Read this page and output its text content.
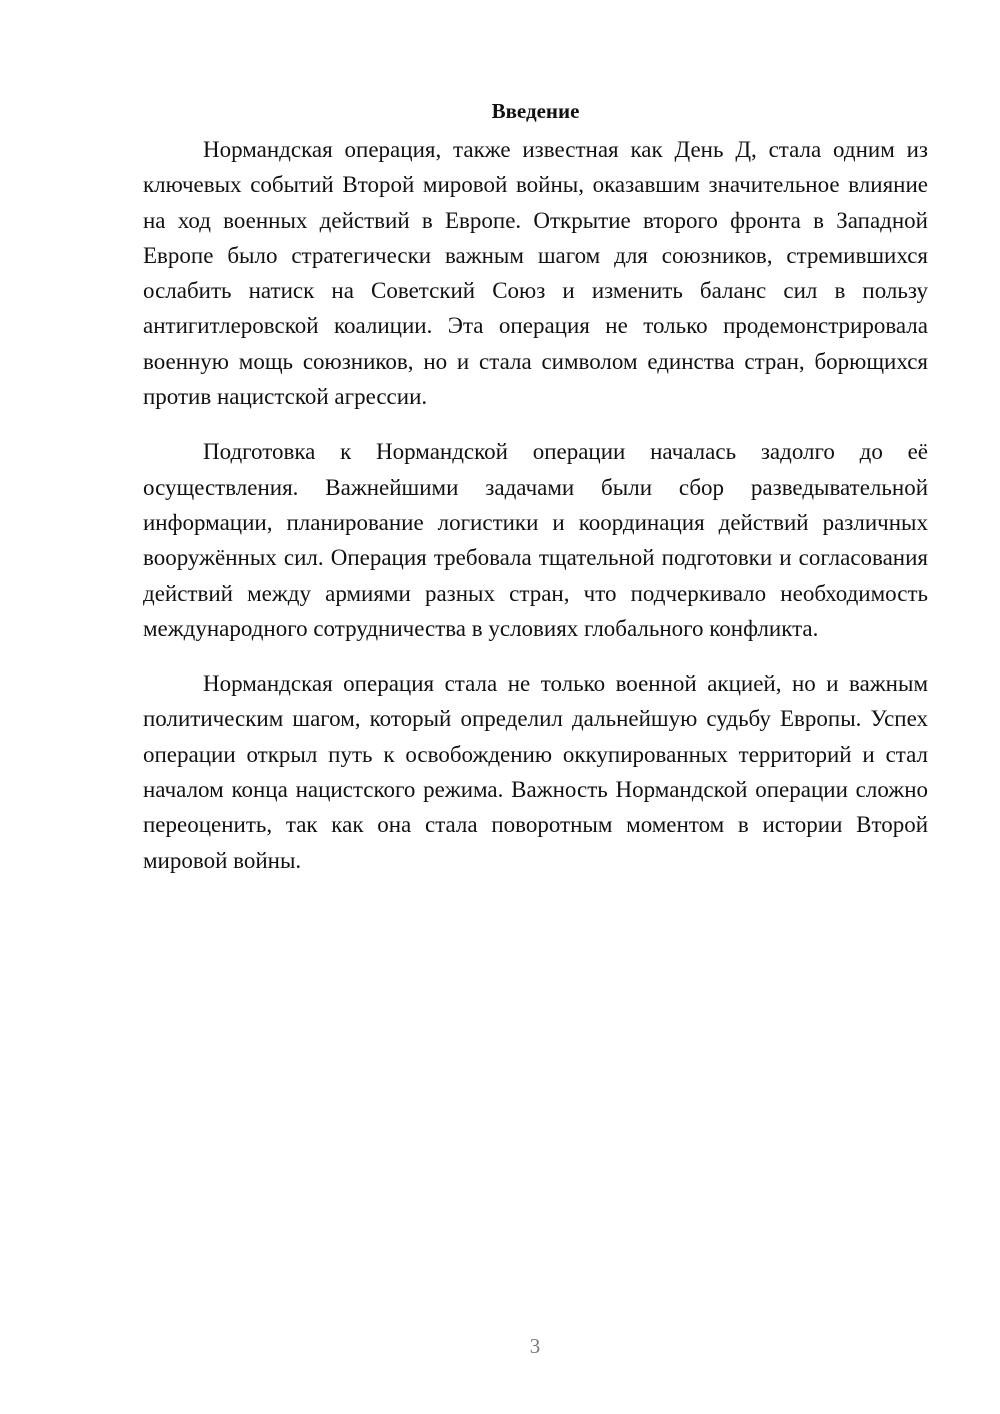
Введение

Нормандская операция, также известная как День Д, стала одним из ключевых событий Второй мировой войны, оказавшим значительное влияние на ход военных действий в Европе. Открытие второго фронта в Западной Европе было стратегически важным шагом для союзников, стремившихся ослабить натиск на Советский Союз и изменить баланс сил в пользу антигитлеровской коалиции. Эта операция не только продемонстрировала военную мощь союзников, но и стала символом единства стран, борющихся против нацистской агрессии.

Подготовка к Нормандской операции началась задолго до её осуществления. Важнейшими задачами были сбор разведывательной информации, планирование логистики и координация действий различных вооружённых сил. Операция требовала тщательной подготовки и согласования действий между армиями разных стран, что подчеркивало необходимость международного сотрудничества в условиях глобального конфликта.

Нормандская операция стала не только военной акцией, но и важным политическим шагом, который определил дальнейшую судьбу Европы. Успех операции открыл путь к освобождению оккупированных территорий и стал началом конца нацистского режима. Важность Нормандской операции сложно переоценить, так как она стала поворотным моментом в истории Второй мировой войны.

3
